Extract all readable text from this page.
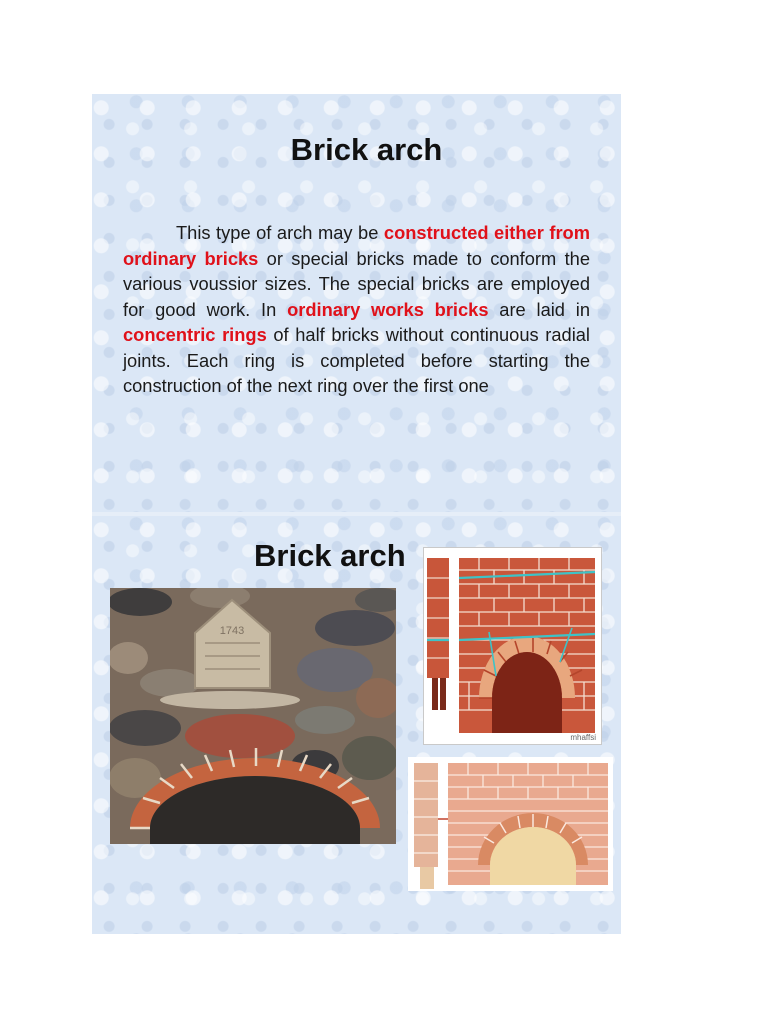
Brick arch

This type of arch may be constructed either from ordinary bricks or special bricks made to conform the various voussior sizes. The special bricks are employed for good work. In ordinary works bricks are laid in concentric rings of half bricks without continuous radial joints. Each ring is completed before starting the construction of the next ring over the first one

Brick arch
1743
mhaffsi
